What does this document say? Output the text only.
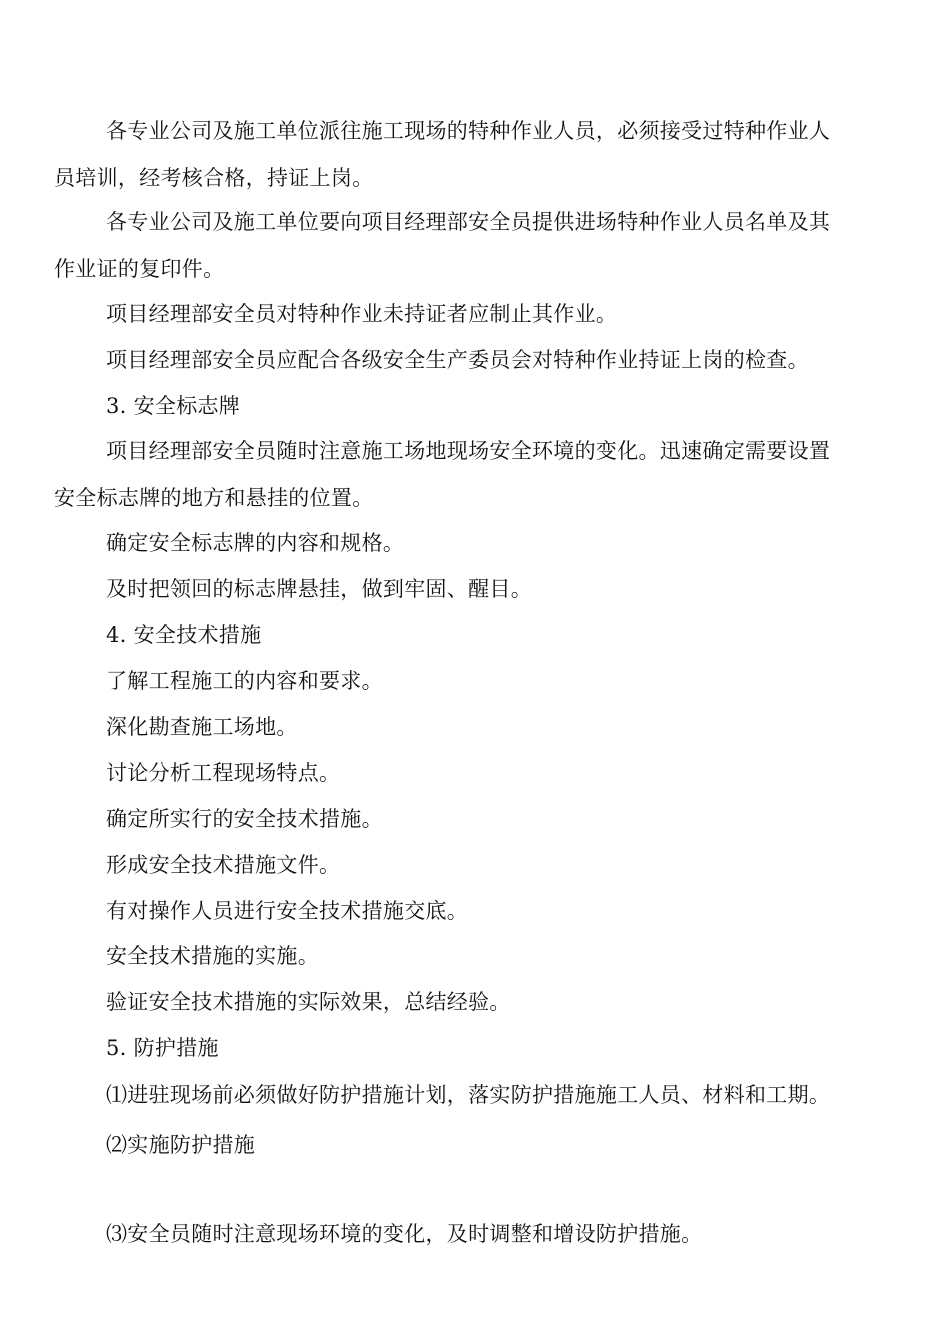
各专业公司及施工单位派往施工现场的特种作业人员，必须接受过特种作业人
员培训，经考核合格，持证上岗。
各专业公司及施工单位要向项目经理部安全员提供进场特种作业人员名单及其
作业证的复印件。
项目经理部安全员对特种作业未持证者应制止其作业。
项目经理部安全员应配合各级安全生产委员会对特种作业持证上岗的检查。
3. 安全标志牌
项目经理部安全员随时注意施工场地现场安全环境的变化。迅速确定需要设置
安全标志牌的地方和悬挂的位置。
确定安全标志牌的内容和规格。
及时把领回的标志牌悬挂，做到牢固、醒目。
4. 安全技术措施
了解工程施工的内容和要求。
深化勘查施工场地。
讨论分析工程现场特点。
确定所实行的安全技术措施。
形成安全技术措施文件。
有对操作人员进行安全技术措施交底。
安全技术措施的实施。
验证安全技术措施的实际效果，总结经验。
5. 防护措施
⑴进驻现场前必须做好防护措施计划，落实防护措施施工人员、材料和工期。
⑵实施防护措施
⑶安全员随时注意现场环境的变化，及时调整和增设防护措施。
